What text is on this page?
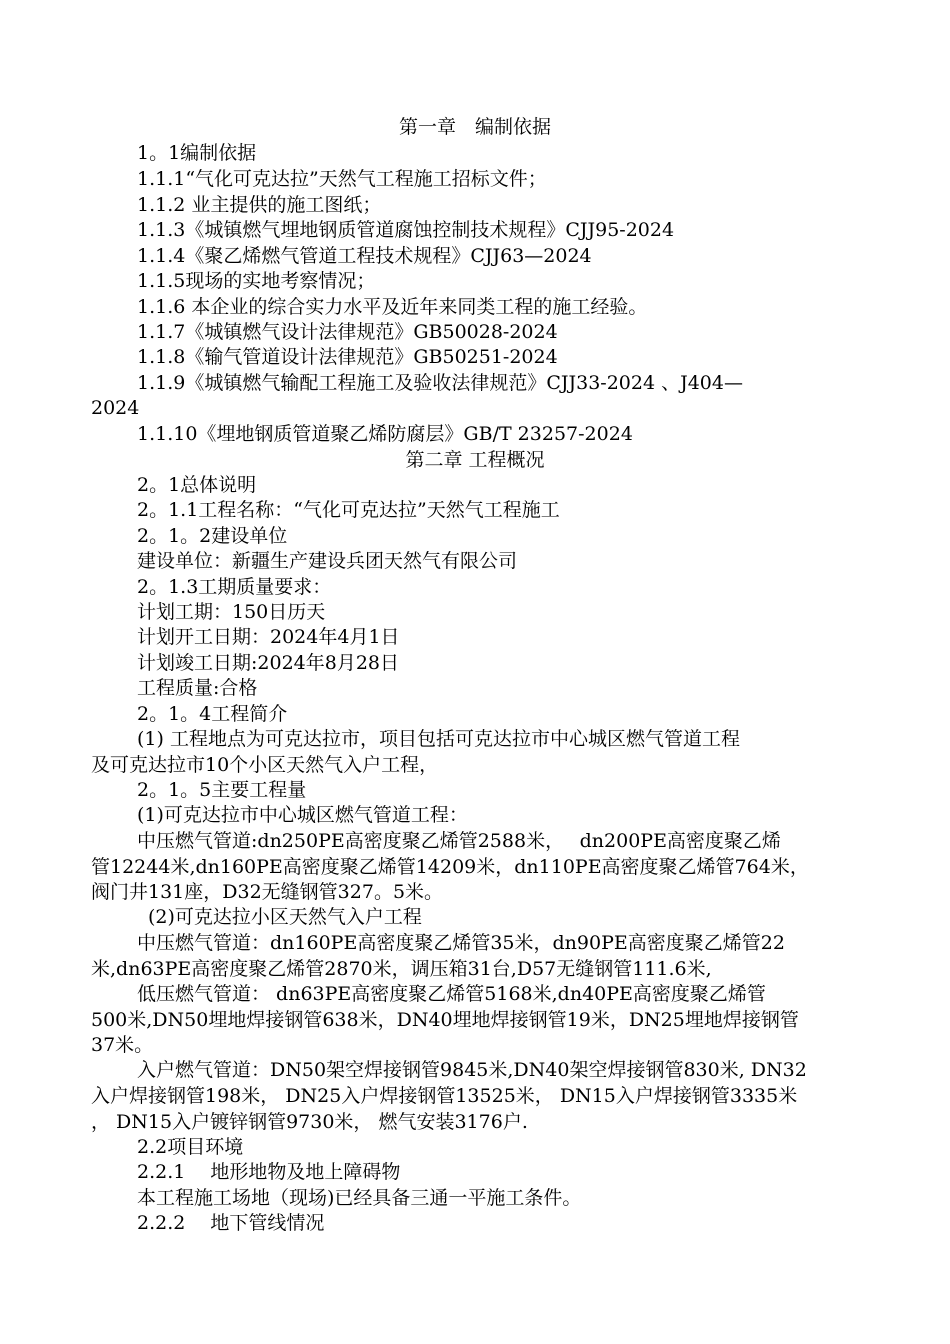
第一章　编制依据
1。1编制依据
1.1.1“气化可克达拉”天然气工程施工招标文件；
1.1.2 业主提供的施工图纸；
1.1.3《城镇燃气埋地钢质管道腐蚀控制技术规程》CJJ95-2024
1.1.4《聚乙烯燃气管道工程技术规程》CJJ63—2024
1.1.5现场的实地考察情况；
1.1.6 本企业的综合实力水平及近年来同类工程的施工经验。
1.1.7《城镇燃气设计法律规范》GB50028-2024
1.1.8《输气管道设计法律规范》GB50251-2024
1.1.9《城镇燃气输配工程施工及验收法律规范》CJJ33-2024 、J404—
2024
1.1.10《埋地钢质管道聚乙烯防腐层》GB/T 23257-2024
第二章 工程概况
2。1总体说明
2。1.1工程名称：“气化可克达拉”天然气工程施工
2。1。2建设单位
建设单位：新疆生产建设兵团天然气有限公司
2。1.3工期质量要求：
计划工期：150日历天
计划开工日期：2024年4月1日
计划竣工日期:2024年8月28日
工程质量:合格
2。1。4工程简介
(1) 工程地点为可克达拉市，项目包括可克达拉市中心城区燃气管道工程
及可克达拉市10个小区天然气入户工程，
2。1。5主要工程量
(1)可克达拉市中心城区燃气管道工程：
中压燃气管道:dn250PE高密度聚乙烯管2588米，　 dn200PE高密度聚乙烯
管12244米,dn160PE高密度聚乙烯管14209米，dn110PE高密度聚乙烯管764米，
阀门井131座，D32无缝钢管327。5米。
(2)可克达拉小区天然气入户工程
中压燃气管道：dn160PE高密度聚乙烯管35米，dn90PE高密度聚乙烯管22
米,dn63PE高密度聚乙烯管2870米，调压箱31台,D57无缝钢管111.6米,
低压燃气管道： dn63PE高密度聚乙烯管5168米,dn40PE高密度聚乙烯管
500米,DN50埋地焊接钢管638米，DN40埋地焊接钢管19米，DN25埋地焊接钢管
37米。
入户燃气管道：DN50架空焊接钢管9845米,DN40架空焊接钢管830米, DN32
入户焊接钢管198米， DN25入户焊接钢管13525米， DN15入户焊接钢管3335米
， DN15入户镀锌钢管9730米， 燃气安装3176户.
2.2项目环境
2.2.1　 地形地物及地上障碍物
本工程施工场地（现场)已经具备三通一平施工条件。
2.2.2　 地下管线情况
